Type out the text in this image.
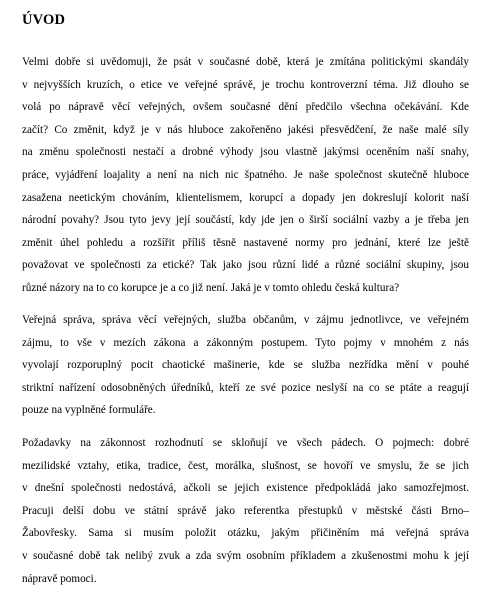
ÚVOD
Velmi dobře si uvědomuji, že psát v současné době, která je zmítána politickými skandály
v nejvyšších kruzích, o etice ve veřejné správě, je trochu kontroverzní téma. Již dlouho se
volá po nápravě věcí veřejných, ovšem současné dění předčilo všechna očekávání. Kde
začít? Co změnit, když je v nás hluboce zakořeněno jakési přesvědčení, že naše malé síly
na změnu společnosti nestačí a drobné výhody jsou vlastně jakýmsi oceněním naší snahy,
práce, vyjádření loajality a není na nich nic špatného. Je naše společnost skutečně hluboce
zasažena neetickým chováním, klientelismem, korupcí a dopady jen dokreslují kolorit naší
národní povahy? Jsou tyto jevy její součástí, kdy jde jen o širší sociální vazby a je třeba jen
změnit úhel pohledu a rozšířit příliš těsně nastavené normy pro jednání, které lze ještě
považovat ve společnosti za etické? Tak jako jsou různí lidé a různé sociální skupiny, jsou
různé názory na to co korupce je a co již není. Jaká je v tomto ohledu česká kultura?
Veřejná správa, správa věcí veřejných, služba občanům, v zájmu jednotlivce, ve veřejném
zájmu, to vše v mezích zákona a zákonným postupem. Tyto pojmy v mnohém z nás
vyvolají rozporuplný pocit chaotické mašinerie, kde se služba nezřídka mění v pouhé
striktní nařízení odosobněných úředníků, kteří ze své pozice neslyší na co se ptáte a reagují
pouze na vyplněné formuláře.
Požadavky na zákonnost rozhodnutí se skloňují ve všech pádech. O pojmech: dobré
mezilidské vztahy, etika, tradice, čest, morálka, slušnost, se hovoří ve smyslu, že se jich
v dnešní společnosti nedostává, ačkoli se jejich existence předpokládá jako samozřejmost.
Pracuji delší dobu ve státní správě jako referentka přestupků v městské části Brno–
Žabovřesky. Sama si musím položit otázku, jakým přičiněním má veřejná správa
v současné době tak nelibý zvuk a zda svým osobním příkladem a zkušenostmi mohu k její
nápravě pomoci.
